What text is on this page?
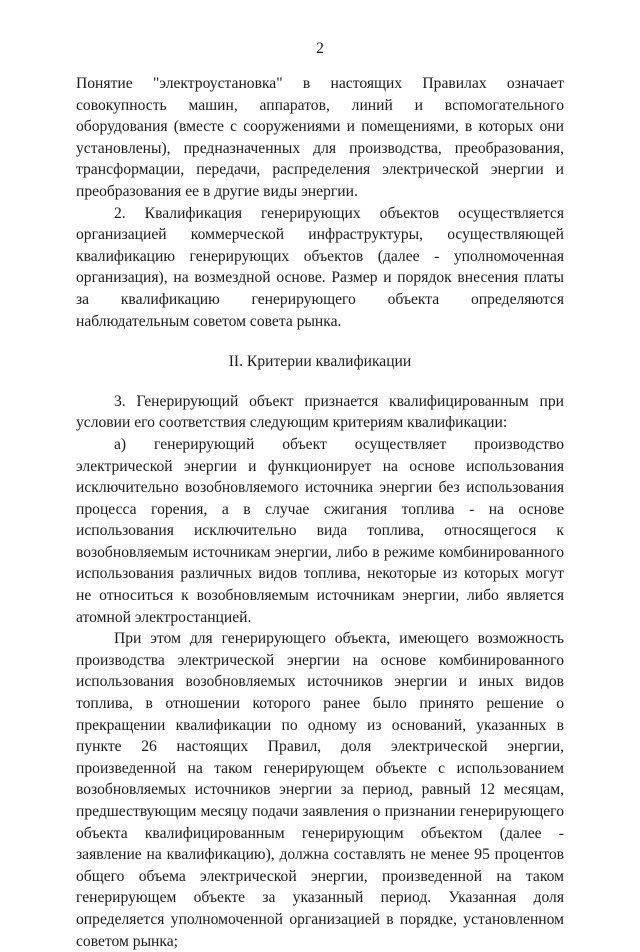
2

Понятие "электроустановка" в настоящих Правилах означает совокупность машин, аппаратов, линий и вспомогательного оборудования (вместе с сооружениями и помещениями, в которых они установлены), предназначенных для производства, преобразования, трансформации, передачи, распределения электрической энергии и преобразования ее в другие виды энергии.

2. Квалификация генерирующих объектов осуществляется организацией коммерческой инфраструктуры, осуществляющей квалификацию генерирующих объектов (далее - уполномоченная организация), на возмездной основе. Размер и порядок внесения платы за квалификацию генерирующего объекта определяются наблюдательным советом совета рынка.

II. Критерии квалификации

3. Генерирующий объект признается квалифицированным при условии его соответствия следующим критериям квалификации:

а) генерирующий объект осуществляет производство электрической энергии и функционирует на основе использования исключительно возобновляемого источника энергии без использования процесса горения, а в случае сжигания топлива - на основе использования исключительно вида топлива, относящегося к возобновляемым источникам энергии, либо в режиме комбинированного использования различных видов топлива, некоторые из которых могут не относиться к возобновляемым источникам энергии, либо является атомной электростанцией.

При этом для генерирующего объекта, имеющего возможность производства электрической энергии на основе комбинированного использования возобновляемых источников энергии и иных видов топлива, в отношении которого ранее было принято решение о прекращении квалификации по одному из оснований, указанных в пункте 26 настоящих Правил, доля электрической энергии, произведенной на таком генерирующем объекте с использованием возобновляемых источников энергии за период, равный 12 месяцам, предшествующим месяцу подачи заявления о признании генерирующего объекта квалифицированным генерирующим объектом (далее - заявление на квалификацию), должна составлять не менее 95 процентов общего объема электрической энергии, произведенной на таком генерирующем объекте за указанный период. Указанная доля определяется уполномоченной организацией в порядке, установленном советом рынка;
